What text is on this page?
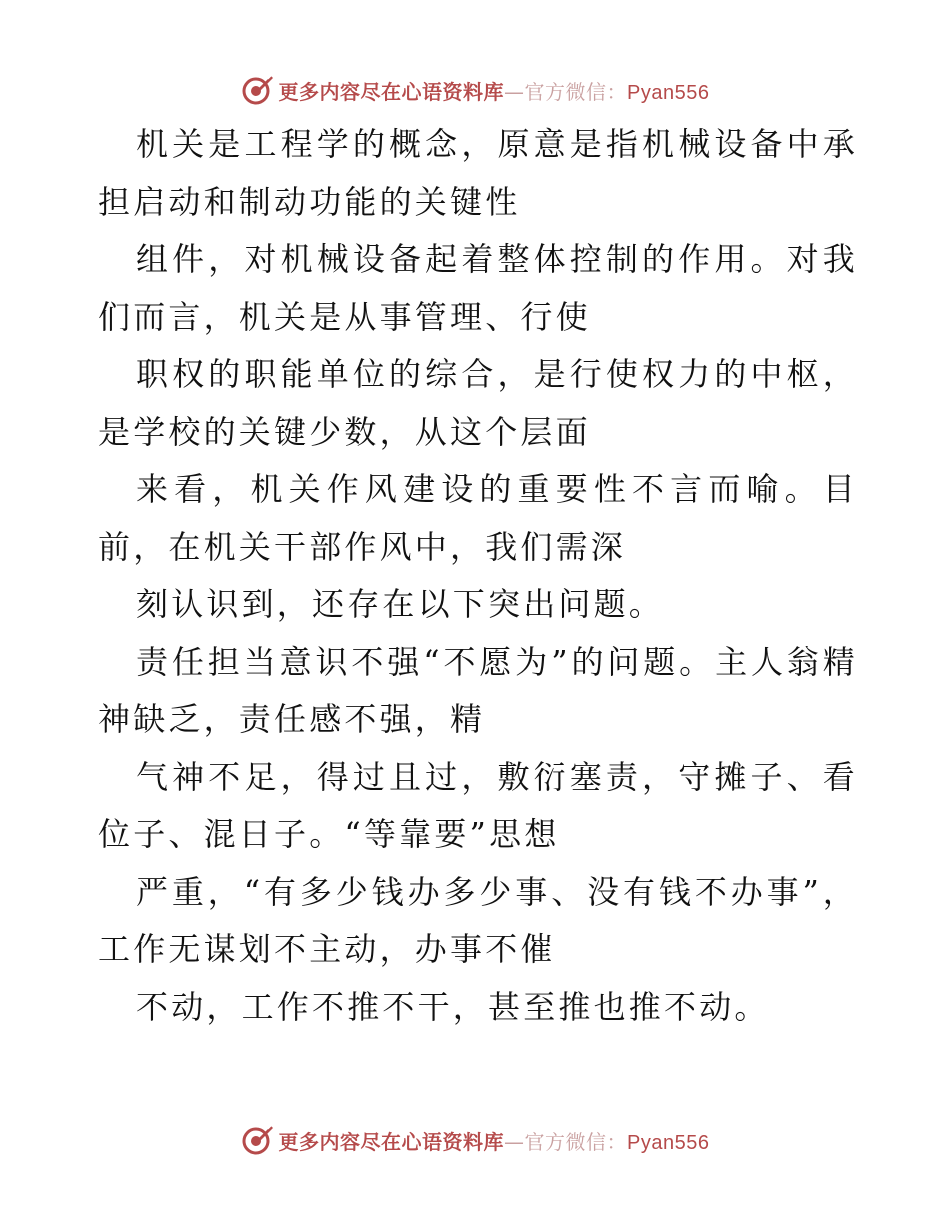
更多内容尽在心语资料库—官方微信：Pyan556

机关是工程学的概念，原意是指机械设备中承担启动和制动功能的关键性

组件，对机械设备起着整体控制的作用。对我们而言，机关是从事管理、行使

职权的职能单位的综合，是行使权力的中枢，是学校的关键少数，从这个层面

来看，机关作风建设的重要性不言而喻。目前，在机关干部作风中，我们需深

刻认识到，还存在以下突出问题。

责任担当意识不强“不愿为”的问题。主人翁精神缺乏，责任感不强，精

气神不足，得过且过，敷衍塞责，守摊子、看位子、混日子。“等靠要”思想

严重，“有多少钱办多少事、没有钱不办事”，工作无谋划不主动，办事不催

不动，工作不推不干，甚至推也推不动。

更多内容尽在心语资料库—官方微信：Pyan556
